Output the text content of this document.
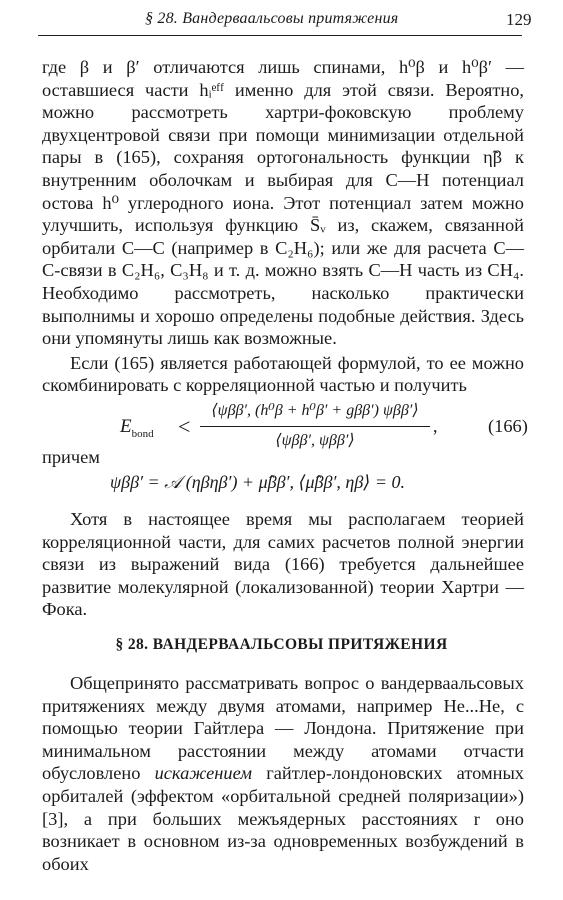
§ 28. Вандерваальсовы притяжения	129

где β и β′ отличаются лишь спинами, h⁰β и h⁰β′ — оставшиеся части hᵢᵉᶠᶠ именно для этой связи. Вероятно, можно рассмотреть хартри-фоковскую проблему двухцентровой связи при помощи минимизации отдельной пары в (165), сохраняя ортогональность функции η̃β к внутренним оболочкам и выбирая для С—Н потенциал остова h⁰ углеродного иона. Этот потенциал затем можно улучшить, используя функцию S̄ᵥ из, скажем, связанной орбитали С—С (например в C₂H₆); или же для расчета С—С-связи в C₂H₆, C₃H₈ и т. д. можно взять С—Н часть из CH₄. Необходимо рассмотреть, насколько практически выполнимы и хорошо определены подобные действия. Здесь они упомянуты лишь как возможные.

Если (165) является работающей формулой, то ее можно скомбинировать с корреляционной частью и получить

$E_{bond}$ <
⟨ψββ′, (h⁰β + h⁰β′ + gββ′) ψββ′⟩
⟨ψββ′, ψββ′⟩
,	(166)
причем
ψββ′ = 𝒜 (ηβηβ′) + μ̂ββ′, ⟨μ̂ββ′, ηβ⟩ = 0.

Хотя в настоящее время мы располагаем теорией корреляционной части, для самих расчетов полной энергии связи из выражений вида (166) требуется дальнейшее развитие молекулярной (локализованной) теории Хартри — Фока.

§ 28. ВАНДЕРВААЛЬСОВЫ ПРИТЯЖЕНИЯ

Общепринято рассматривать вопрос о вандерваальсовых притяжениях между двумя атомами, например Не...Не, с помощью теории Гайтлера — Лондона. Притяжение при минимальном расстоянии между атомами отчасти обусловлено искажением гайтлер-лондоновских атомных орбиталей (эффектом «орбитальной средней поляризации») [3], а при больших межъядерных расстояниях r оно возникает в основном из-за одновременных возбуждений в обоих
